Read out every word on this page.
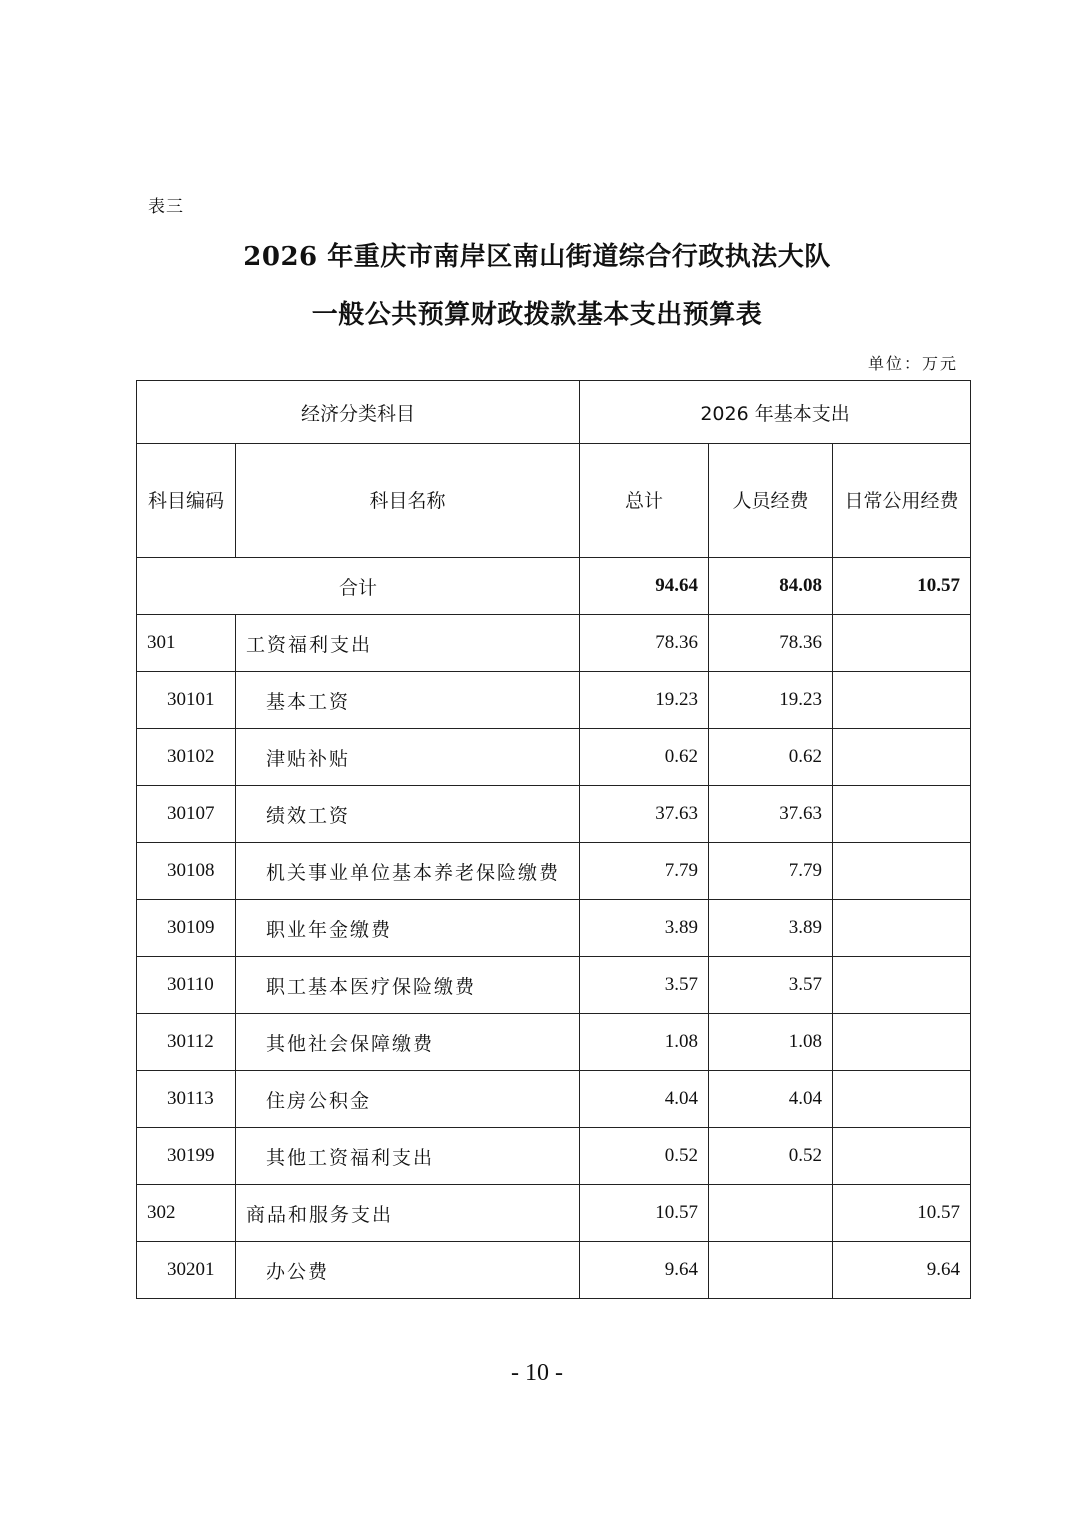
表三
2026 年重庆市南岸区南山街道综合行政执法大队
一般公共预算财政拨款基本支出预算表
单位：万元
经济分类科目		2026 年基本支出		
科目编码	科目名称	总计	人员经费	日常公用经费
合计		94.64	84.08	10.57
301	工资福利支出	78.36	78.36	
30101	基本工资	19.23	19.23	
30102	津贴补贴	0.62	0.62	
30107	绩效工资	37.63	37.63	
30108	机关事业单位基本养老保险缴费	7.79	7.79	
30109	职业年金缴费	3.89	3.89	
30110	职工基本医疗保险缴费	3.57	3.57	
30112	其他社会保障缴费	1.08	1.08	
30113	住房公积金	4.04	4.04	
30199	其他工资福利支出	0.52	0.52	
302	商品和服务支出	10.57		10.57
30201	办公费	9.64		9.64
- 10 -
